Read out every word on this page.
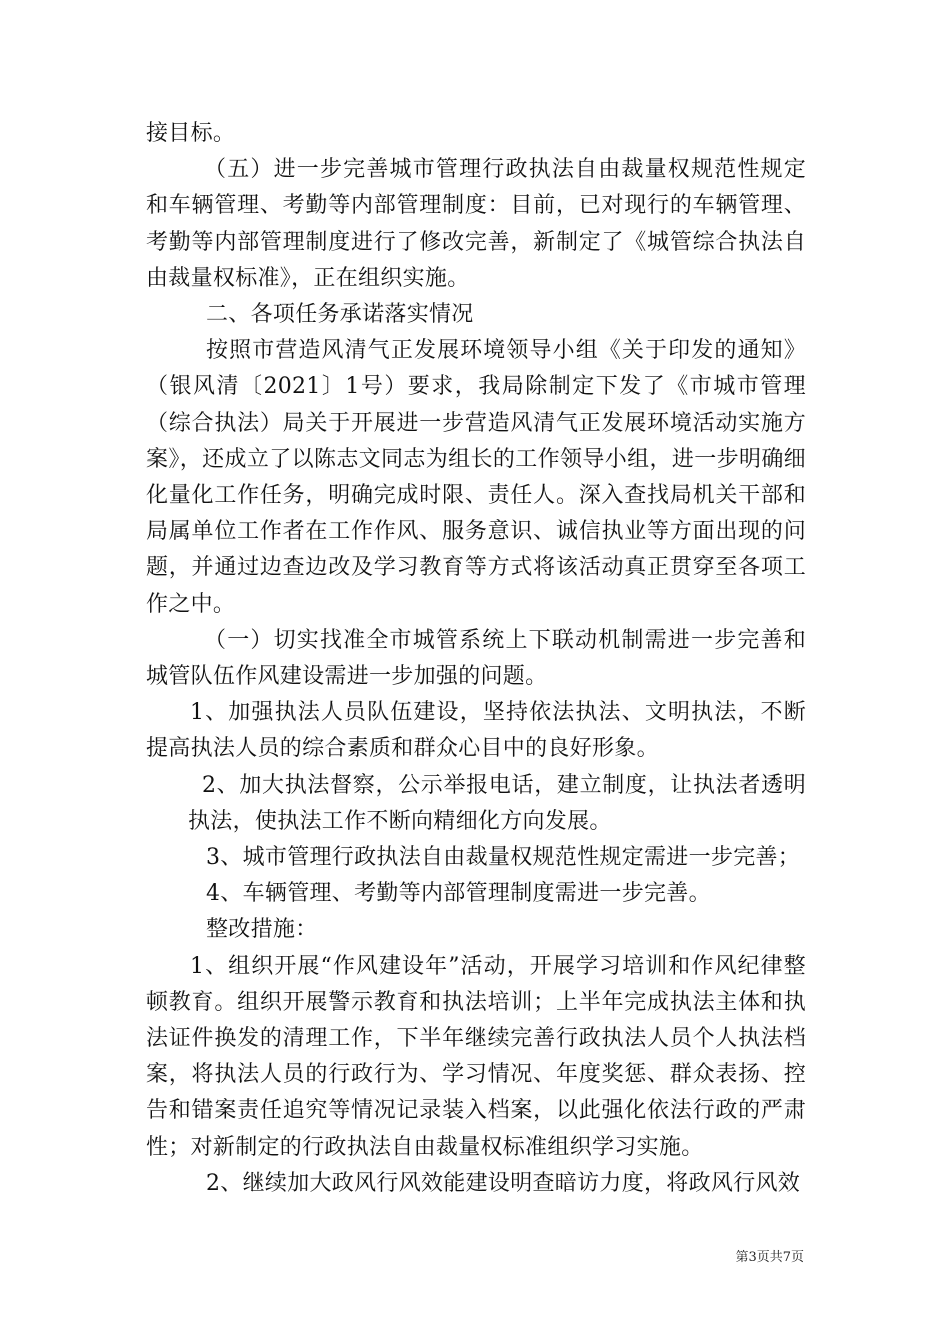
接目标。

（五）进一步完善城市管理行政执法自由裁量权规范性规定和车辆管理、考勤等内部管理制度：目前，已对现行的车辆管理、考勤等内部管理制度进行了修改完善，新制定了《城管综合执法自由裁量权标准》，正在组织实施。

二、各项任务承诺落实情况

按照市营造风清气正发展环境领导小组《关于印发的通知》（银风清〔2021〕1号）要求，我局除制定下发了《市城市管理（综合执法）局关于开展进一步营造风清气正发展环境活动实施方案》，还成立了以陈志文同志为组长的工作领导小组，进一步明确细化量化工作任务，明确完成时限、责任人。深入查找局机关干部和局属单位工作者在工作作风、服务意识、诚信执业等方面出现的问题，并通过边查边改及学习教育等方式将该活动真正贯穿至各项工作之中。

（一）切实找准全市城管系统上下联动机制需进一步完善和城管队伍作风建设需进一步加强的问题。

1、加强执法人员队伍建设，坚持依法执法、文明执法，不断提高执法人员的综合素质和群众心目中的良好形象。

2、加大执法督察，公示举报电话，建立制度，让执法者透明执法，使执法工作不断向精细化方向发展。

3、城市管理行政执法自由裁量权规范性规定需进一步完善；

4、车辆管理、考勤等内部管理制度需进一步完善。

整改措施：

1、组织开展“作风建设年”活动，开展学习培训和作风纪律整顿教育。组织开展警示教育和执法培训；上半年完成执法主体和执法证件换发的清理工作，下半年继续完善行政执法人员个人执法档案，将执法人员的行政行为、学习情况、年度奖惩、群众表扬、控告和错案责任追究等情况记录装入档案，以此强化依法行政的严肃性；对新制定的行政执法自由裁量权标准组织学习实施。

2、继续加大政风行风效能建设明查暗访力度，将政风行风效

第3页共7页
